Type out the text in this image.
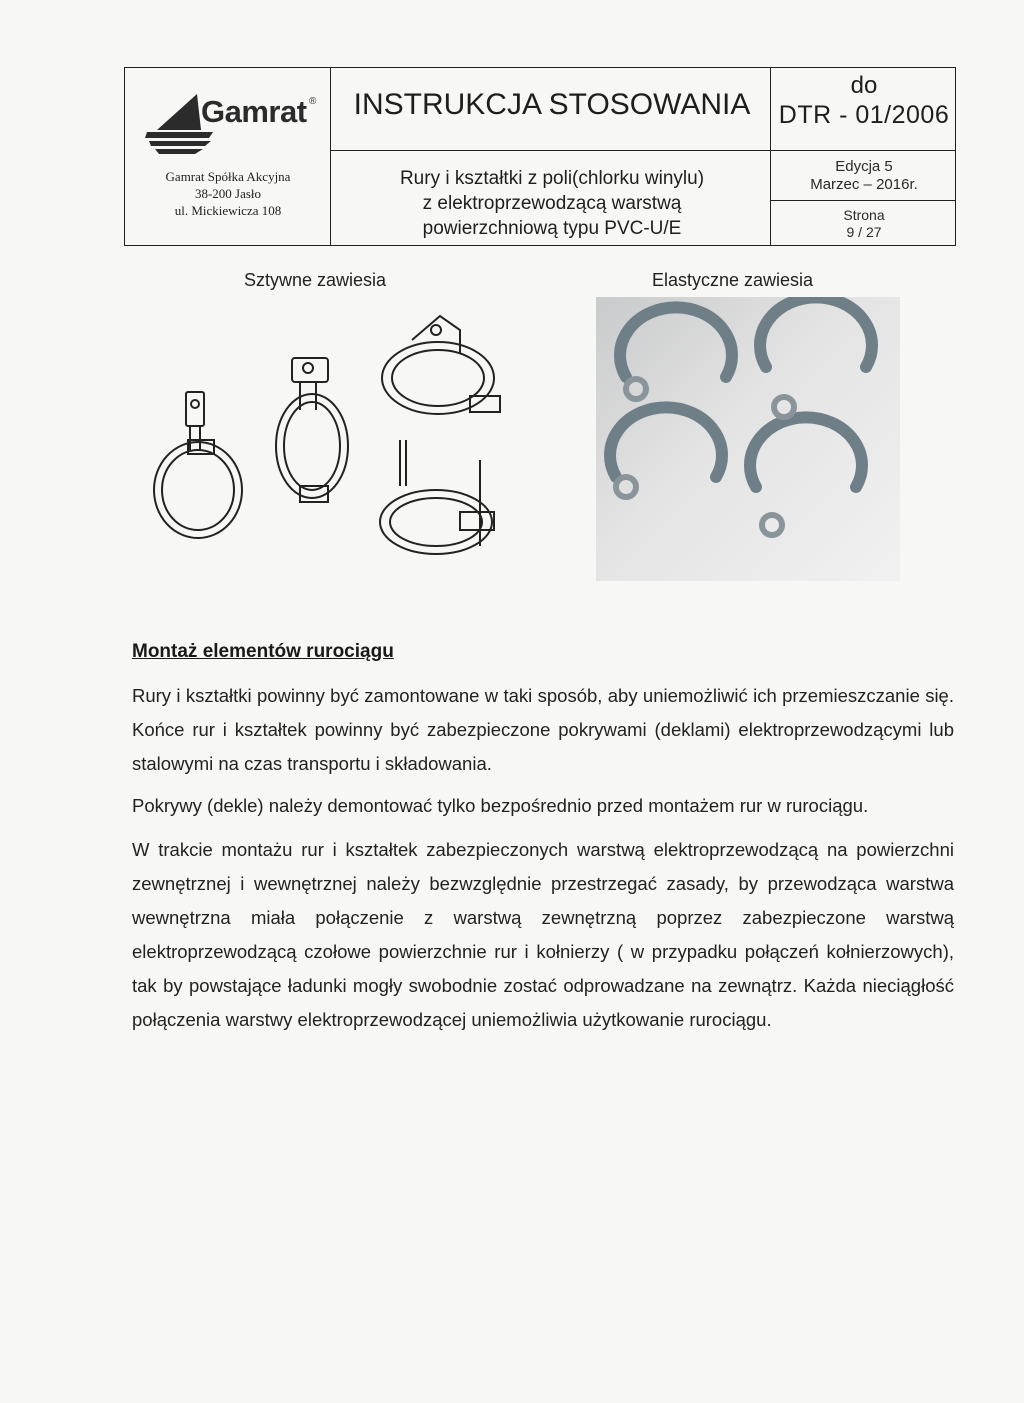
Gamrat ®
Gamrat Spółka Akcyjna
38-200 Jasło
ul. Mickiewicza 108
INSTRUKCJA STOSOWANIA
Rury i kształtki z poli(chlorku winylu)
z elektroprzewodzącą warstwą
powierzchniową typu PVC-U/E
do
DTR - 01/2006
Edycja 5
Marzec – 2016r.
Strona
9 / 27
Sztywne zawiesia	Elastyczne zawiesia
Montaż elementów rurociągu
Rury i kształtki powinny być zamontowane w taki sposób, aby uniemożliwić ich przemieszczanie się. Końce rur i kształtek powinny być zabezpieczone pokrywami (deklami) elektroprzewodzącymi lub stalowymi na czas transportu i składowania.
Pokrywy (dekle) należy demontować tylko bezpośrednio przed montażem rur w rurociągu.
W trakcie montażu rur i kształtek zabezpieczonych warstwą elektroprzewodzącą na powierzchni zewnętrznej i wewnętrznej należy bezwzględnie przestrzegać zasady, by przewodząca warstwa wewnętrzna miała połączenie z warstwą zewnętrzną poprzez zabezpieczone warstwą elektroprzewodzącą czołowe powierzchnie rur i kołnierzy ( w przypadku połączeń kołnierzowych), tak by powstające ładunki mogły swobodnie zostać odprowadzane na zewnątrz. Każda nieciągłość połączenia warstwy elektroprzewodzącej uniemożliwia użytkowanie rurociągu.
